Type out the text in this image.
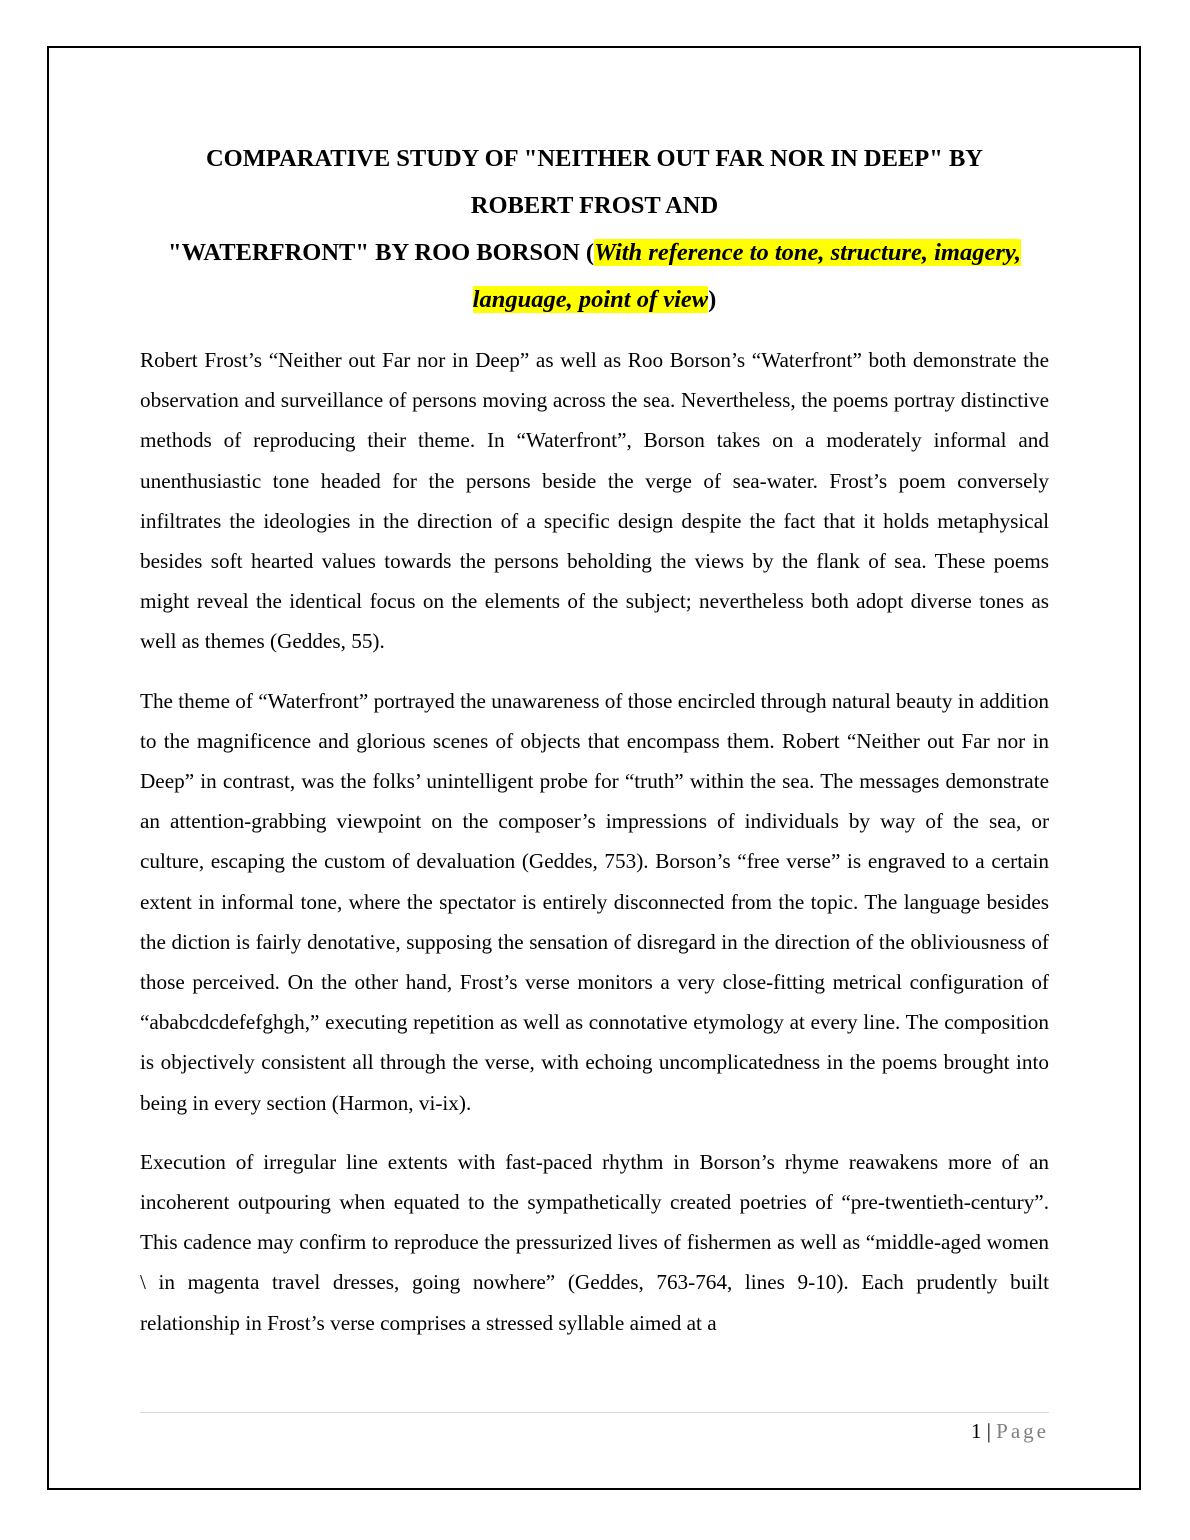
COMPARATIVE STUDY OF "NEITHER OUT FAR NOR IN DEEP" BY
ROBERT FROST AND
"WATERFRONT" BY ROO BORSON (With reference to tone, structure, imagery, language, point of view)

Robert Frost’s “Neither out Far nor in Deep” as well as Roo Borson’s “Waterfront” both demonstrate the observation and surveillance of persons moving across the sea. Nevertheless, the poems portray distinctive methods of reproducing their theme. In “Waterfront”, Borson takes on a moderately informal and unenthusiastic tone headed for the persons beside the verge of sea-water. Frost’s poem conversely infiltrates the ideologies in the direction of a specific design despite the fact that it holds metaphysical besides soft hearted values towards the persons beholding the views by the flank of sea. These poems might reveal the identical focus on the elements of the subject; nevertheless both adopt diverse tones as well as themes (Geddes, 55).

The theme of “Waterfront” portrayed the unawareness of those encircled through natural beauty in addition to the magnificence and glorious scenes of objects that encompass them. Robert “Neither out Far nor in Deep” in contrast, was the folks’ unintelligent probe for “truth” within the sea. The messages demonstrate an attention-grabbing viewpoint on the composer’s impressions of individuals by way of the sea, or culture, escaping the custom of devaluation (Geddes, 753). Borson’s “free verse” is engraved to a certain extent in informal tone, where the spectator is entirely disconnected from the topic. The language besides the diction is fairly denotative, supposing the sensation of disregard in the direction of the obliviousness of those perceived. On the other hand, Frost’s verse monitors a very close-fitting metrical configuration of “ababcdcdefefghgh,” executing repetition as well as connotative etymology at every line. The composition is objectively consistent all through the verse, with echoing uncomplicatedness in the poems brought into being in every section (Harmon, vi-ix).

Execution of irregular line extents with fast-paced rhythm in Borson’s rhyme reawakens more of an incoherent outpouring when equated to the sympathetically created poetries of “pre-twentieth-century”. This cadence may confirm to reproduce the pressurized lives of fishermen as well as “middle-aged women \ in magenta travel dresses, going nowhere” (Geddes, 763-764, lines 9-10). Each prudently built relationship in Frost’s verse comprises a stressed syllable aimed at a

1 | Page
